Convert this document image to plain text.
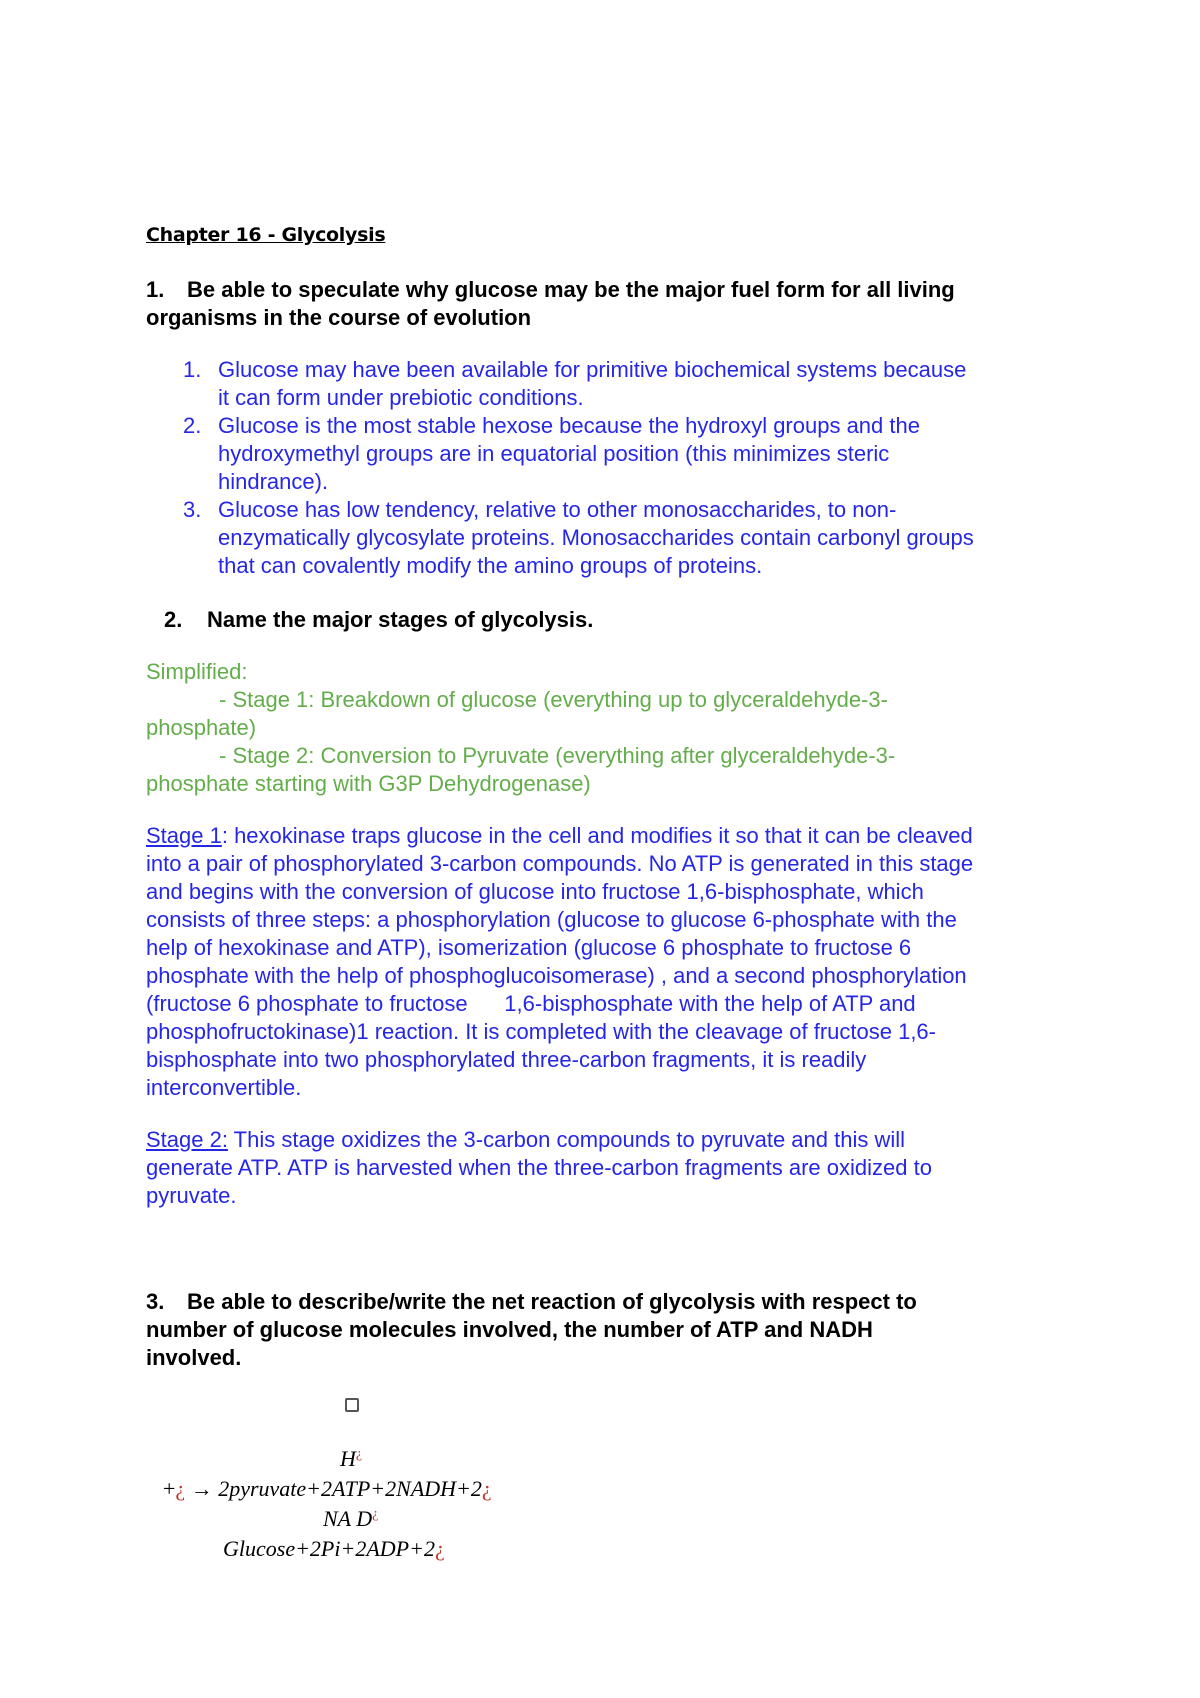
Chapter 16 - Glycolysis
1. Be able to speculate why glucose may be the major fuel form for all living
organisms in the course of evolution
1. Glucose may have been available for primitive biochemical systems because
it can form under prebiotic conditions.
2. Glucose is the most stable hexose because the hydroxyl groups and the
hydroxymethyl groups are in equatorial position (this minimizes steric
hindrance).
3. Glucose has low tendency, relative to other monosaccharides, to non-
enzymatically glycosylate proteins. Monosaccharides contain carbonyl groups
that can covalently modify the amino groups of proteins.
2. Name the major stages of glycolysis.
Simplified:
- Stage 1: Breakdown of glucose (everything up to glyceraldehyde-3-
phosphate)
- Stage 2: Conversion to Pyruvate (everything after glyceraldehyde-3-
phosphate starting with G3P Dehydrogenase)
Stage 1: hexokinase traps glucose in the cell and modifies it so that it can be cleaved
into a pair of phosphorylated 3-carbon compounds. No ATP is generated in this stage
and begins with the conversion of glucose into fructose 1,6-bisphosphate, which
consists of three steps: a phosphorylation (glucose to glucose 6-phosphate with the
help of hexokinase and ATP), isomerization (glucose 6 phosphate to fructose 6
phosphate with the help of phosphoglucoisomerase) , and a second phosphorylation
(fructose 6 phosphate to fructose      1,6-bisphosphate with the help of ATP and
phosphofructokinase)1 reaction. It is completed with the cleavage of fructose 1,6-
bisphosphate into two phosphorylated three-carbon fragments, it is readily
interconvertible.
Stage 2: This stage oxidizes the 3-carbon compounds to pyruvate and this will
generate ATP. ATP is harvested when the three-carbon fragments are oxidized to
pyruvate.
3. Be able to describe/write the net reaction of glycolysis with respect to
number of glucose molecules involved, the number of ATP and NADH
involved.
H¿
+¿ → 2pyruvate+2ATP+2NADH+2¿
NA D¿
Glucose+2Pi+2ADP+2¿
